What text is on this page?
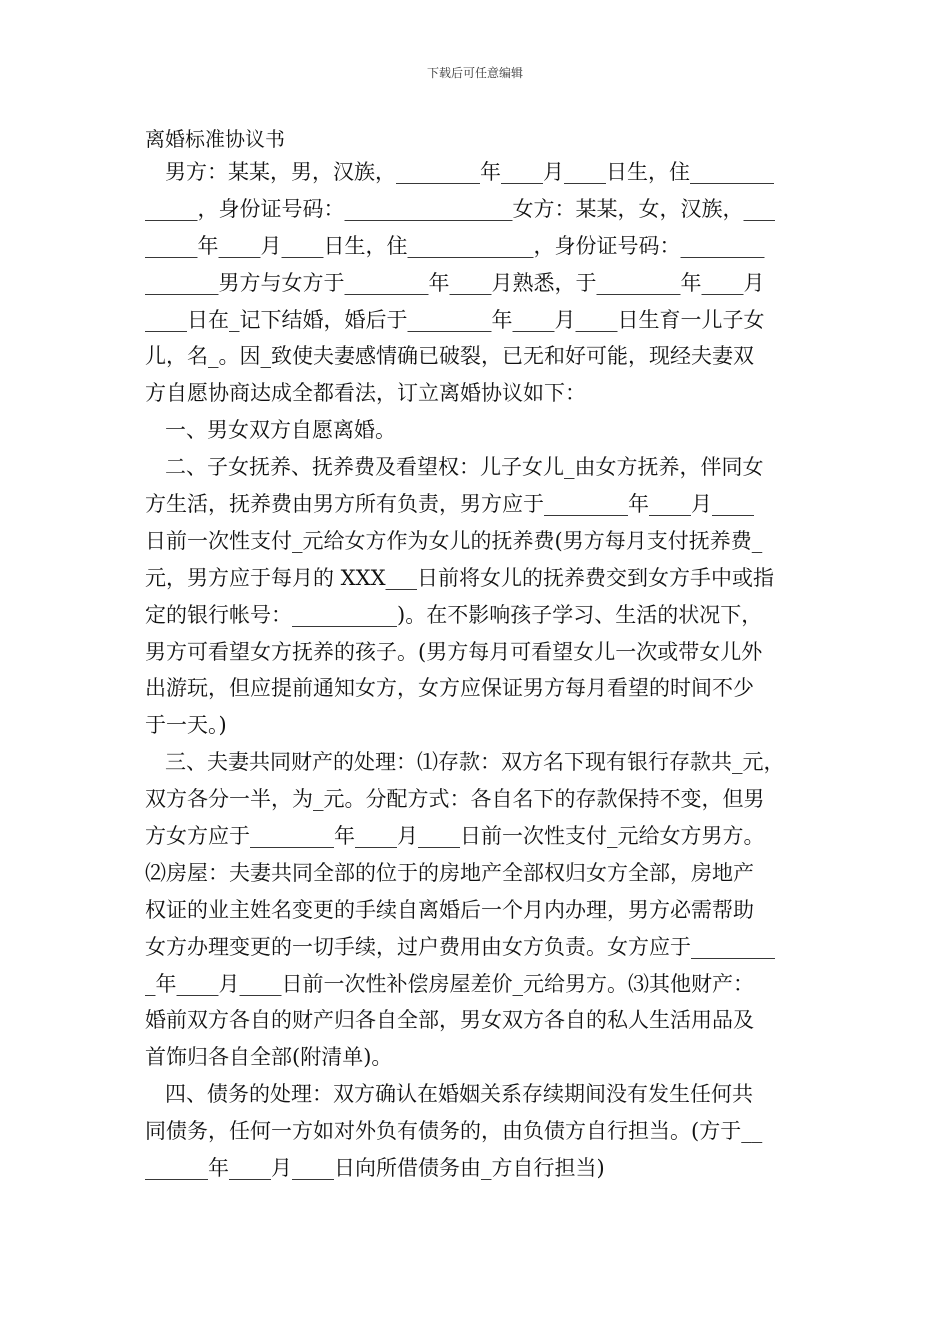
下载后可任意编辑
离婚标准协议书
男方：某某，男，汉族，________年____月____日生，住________
_____，身份证号码：________________女方：某某，女，汉族，___
_____年____月____日生，住____________，身份证号码：________
_______男方与女方于________年____月熟悉，于________年____月
____日在_记下结婚，婚后于________年____月____日生育一儿子女
儿，名_。因_致使夫妻感情确已破裂，已无和好可能，现经夫妻双
方自愿协商达成全都看法，订立离婚协议如下：
一、男女双方自愿离婚。
二、子女抚养、抚养费及看望权：儿子女儿_由女方抚养，伴同女
方生活，抚养费由男方所有负责，男方应于________年____月____
日前一次性支付_元给女方作为女儿的抚养费(男方每月支付抚养费_
元，男方应于每月的 XXX___日前将女儿的抚养费交到女方手中或指
定的银行帐号：__________)。在不影响孩子学习、生活的状况下，
男方可看望女方抚养的孩子。(男方每月可看望女儿一次或带女儿外
出游玩，但应提前通知女方，女方应保证男方每月看望的时间不少
于一天。)
三、夫妻共同财产的处理：⑴存款：双方名下现有银行存款共_元，
双方各分一半，为_元。分配方式：各自名下的存款保持不变，但男
方女方应于________年____月____日前一次性支付_元给女方男方。
⑵房屋：夫妻共同全部的位于的房地产全部权归女方全部，房地产
权证的业主姓名变更的手续自离婚后一个月内办理，男方必需帮助
女方办理变更的一切手续，过户费用由女方负责。女方应于________
_年____月____日前一次性补偿房屋差价_元给男方。⑶其他财产：
婚前双方各自的财产归各自全部，男女双方各自的私人生活用品及
首饰归各自全部(附清单)。
四、债务的处理：双方确认在婚姻关系存续期间没有发生任何共
同债务，任何一方如对外负有债务的，由负债方自行担当。(方于__
______年____月____日向所借债务由_方自行担当)
